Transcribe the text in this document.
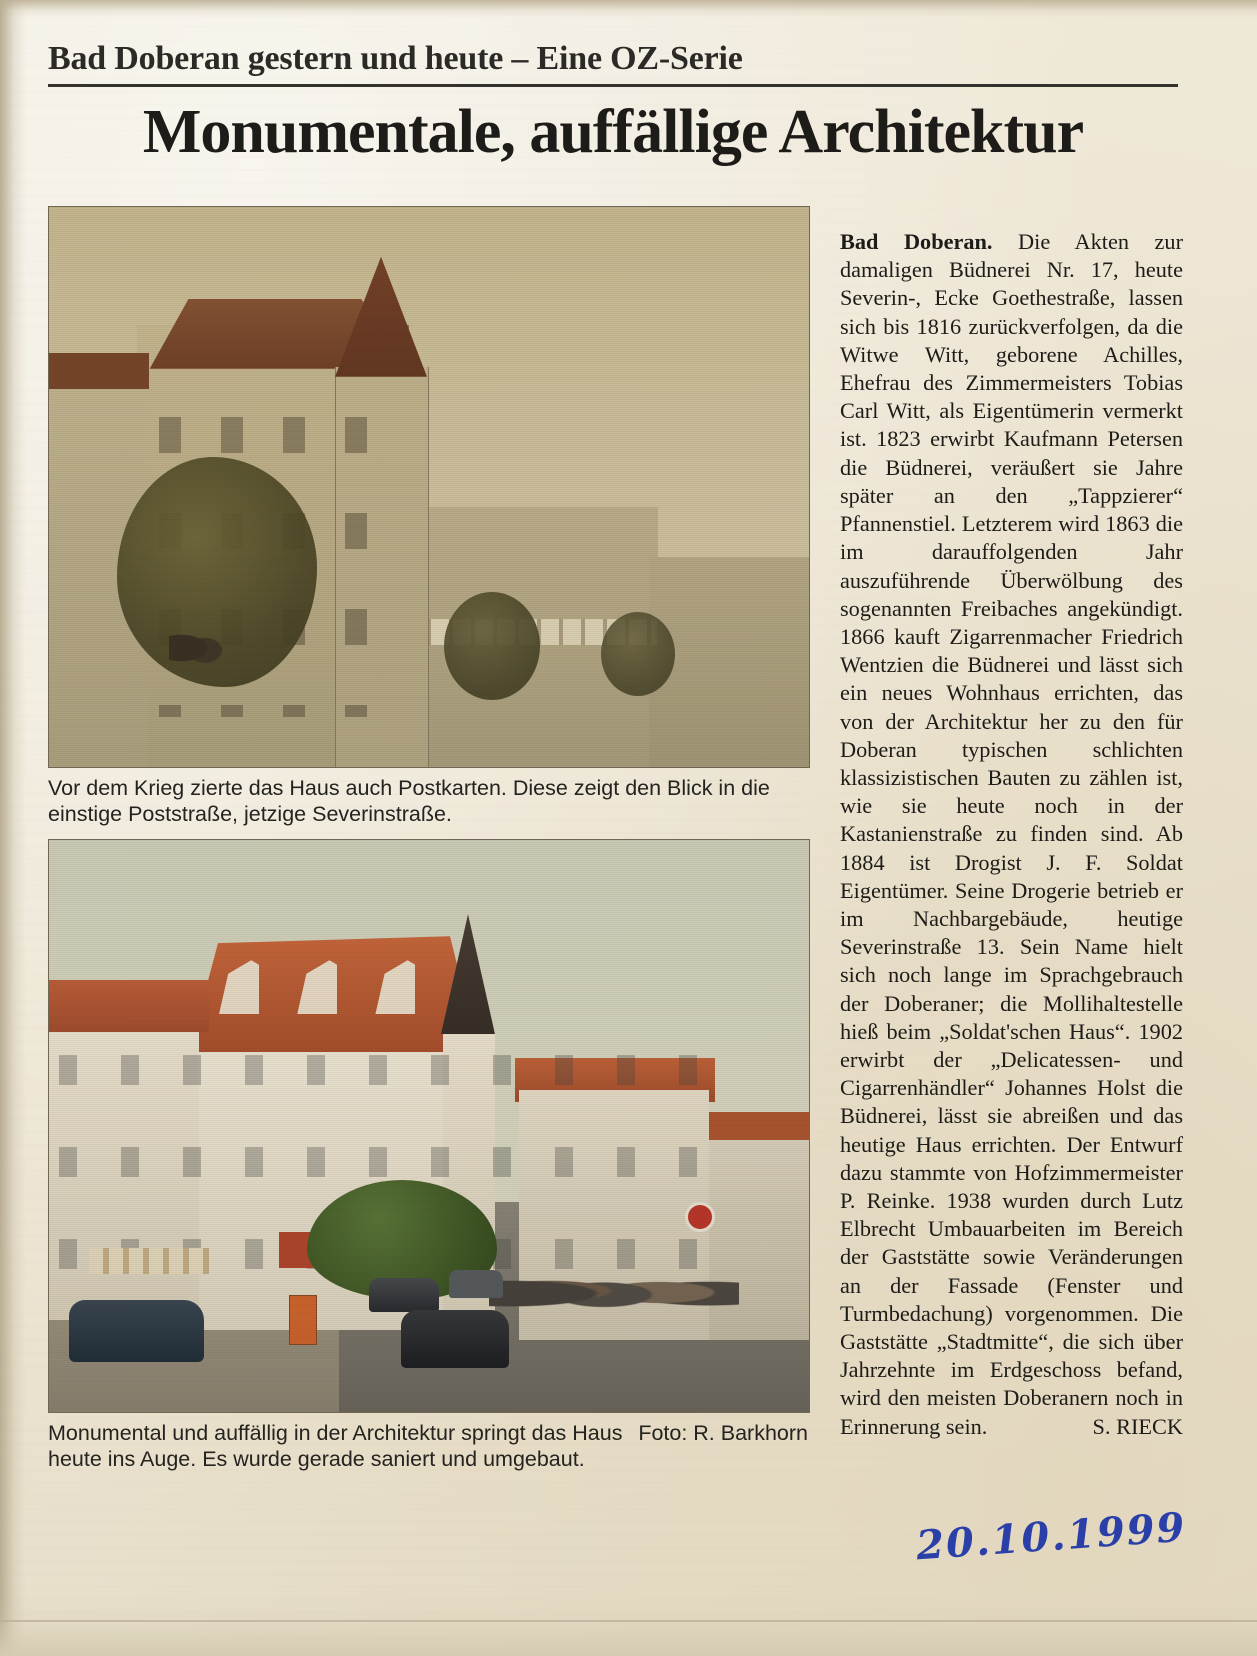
Bad Doberan gestern und heute – Eine OZ-Serie
Monumentale, auffällige Architektur
Vor dem Krieg zierte das Haus auch Postkarten. Diese zeigt den Blick in die einstige Poststraße, jetzige Severinstraße.
Foto: R. Barkhorn
Monumental und auffällig in der Architektur springt das Haus heute ins Auge. Es wurde gerade saniert und umgebaut.

Bad Doberan. Die Akten zur damaligen Büdnerei Nr. 17, heute Severin-, Ecke Goethestraße, lassen sich bis 1816 zurückverfolgen, da die Witwe Witt, geborene Achilles, Ehefrau des Zimmermeisters Tobias Carl Witt, als Eigentümerin vermerkt ist. 1823 erwirbt Kaufmann Petersen die Büdnerei, veräußert sie Jahre später an den „Tappzierer“ Pfannenstiel. Letzterem wird 1863 die im darauffolgenden Jahr auszuführende Überwölbung des sogenannten Freibaches angekündigt. 1866 kauft Zigarrenmacher Friedrich Wentzien die Büdnerei und lässt sich ein neues Wohnhaus errichten, das von der Architektur her zu den für Doberan typischen schlichten klassizistischen Bauten zu zählen ist, wie sie heute noch in der Kastanienstraße zu finden sind. Ab 1884 ist Drogist J. F. Soldat Eigentümer. Seine Drogerie betrieb er im Nachbargebäude, heutige Severinstraße 13. Sein Name hielt sich noch lange im Sprachgebrauch der Doberaner; die Mollihaltestelle hieß beim „Soldat'schen Haus“. 1902 erwirbt der „Delicatessen- und Cigarrenhändler“ Johannes Holst die Büdnerei, lässt sie abreißen und das heutige Haus errichten. Der Entwurf dazu stammte von Hofzimmermeister P. Reinke. 1938 wurden durch Lutz Elbrecht Umbauarbeiten im Bereich der Gaststätte sowie Veränderungen an der Fassade (Fenster und Turmbedachung) vorgenommen. Die Gaststätte „Stadtmitte“, die sich über Jahrzehnte im Erdgeschoss befand, wird den meisten Doberanern noch in Erinnerung sein.	S. RIECK

20.10.1999
